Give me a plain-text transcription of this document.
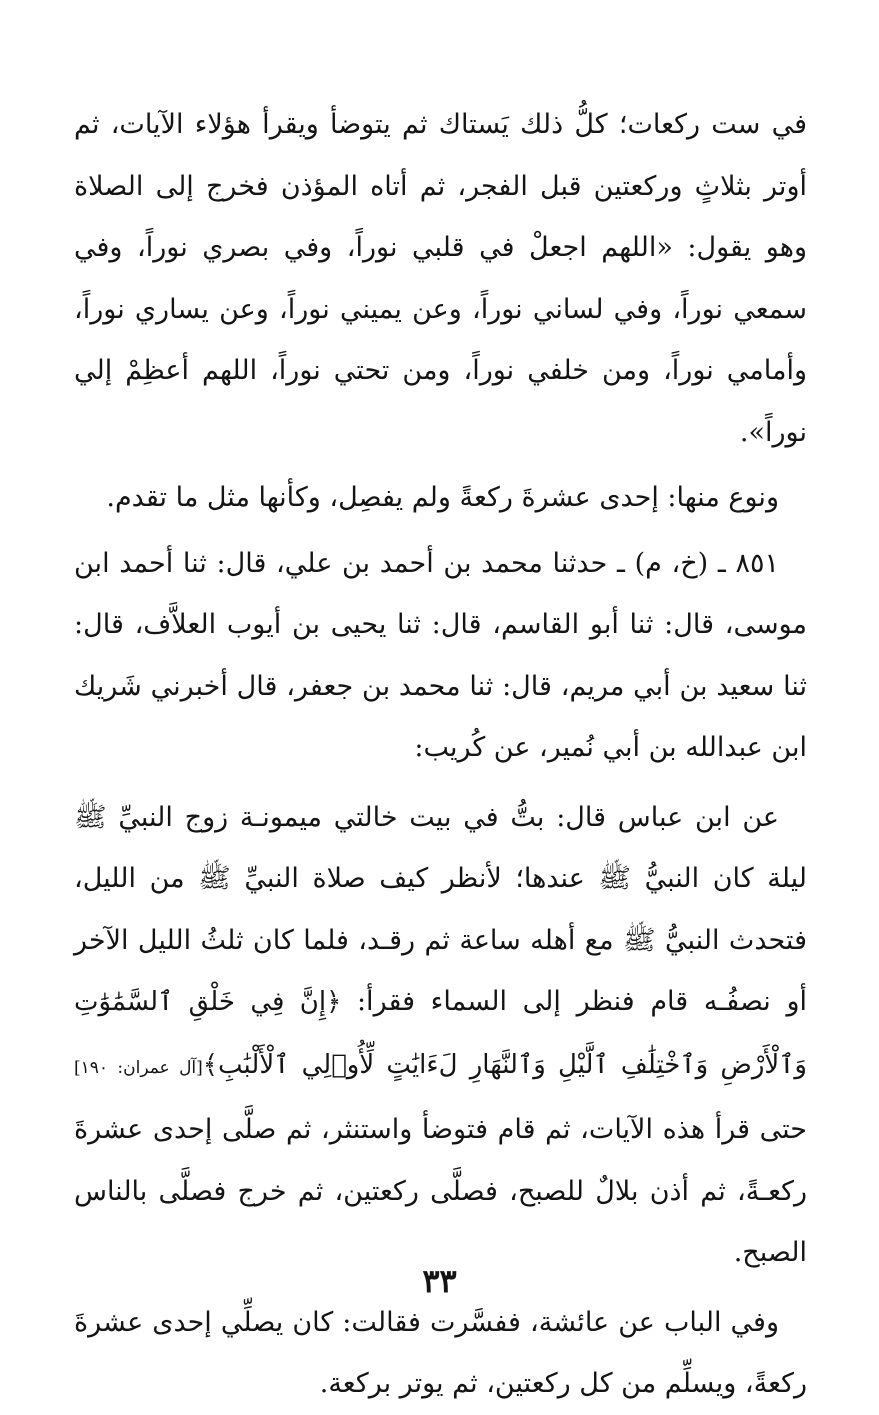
في ست ركعات؛ كلُّ ذلك يَستاك ثم يتوضأ ويقرأ هؤلاء الآيات، ثم أوتر بثلاثٍ وركعتين قبل الفجر، ثم أتاه المؤذن فخرج إلى الصلاة وهو يقول: «اللهم اجعلْ في قلبي نوراً، وفي بصري نوراً، وفي سمعي نوراً، وفي لساني نوراً، وعن يميني نوراً، وعن يساري نوراً، وأمامي نوراً، ومن خلفي نوراً، ومن تحتي نوراً، اللهم أعظِمْ إلي نوراً».

ونوع منها: إحدى عشرةَ ركعةً ولم يفصِل، وكأنها مثل ما تقدم.

٨٥١ ـ (خ، م) ـ حدثنا محمد بن أحمد بن علي، قال: ثنا أحمد ابن موسى، قال: ثنا أبو القاسم، قال: ثنا يحيى بن أيوب العلاَّف، قال: ثنا سعيد بن أبي مريم، قال: ثنا محمد بن جعفر، قال أخبرني شَريك ابن عبدالله بن أبي نُمير، عن كُريب:

عن ابن عباس قال: بتُّ في بيت خالتي ميمونـة زوج النبيِّ ﷺ ليلة كان النبيُّ ﷺ عندها؛ لأنظر كيف صلاة النبيِّ ﷺ من الليل، فتحدث النبيُّ ﷺ مع أهله ساعة ثم رقـد، فلما كان ثلثُ الليل الآخر أو نصفُـه قام فنظر إلى السماء فقرأ: ﴿إِنَّ فِي خَلْقِ ٱلسَّمَٰوَٰتِ وَٱلْأَرْضِ وَٱخْتِلَٰفِ ٱلَّيْلِ وَٱلنَّهَارِ لَءَايَٰتٍ لِّأُو۟لِي ٱلْأَلْبَٰبِ﴾[آل عمران: ١٩٠] حتى قرأ هذه الآيات، ثم قام فتوضأ واستنثر، ثم صلَّى إحدى عشرةَ ركعـةً، ثم أذن بلالٌ للصبح، فصلَّى ركعتين، ثم خرج فصلَّى بالناس الصبح.

وفي الباب عن عائشة، ففسَّرت فقالت: كان يصلِّي إحدى عشرةَ ركعةً، ويسلِّم من كل ركعتين، ثم يوتر بركعة.

٣٣
